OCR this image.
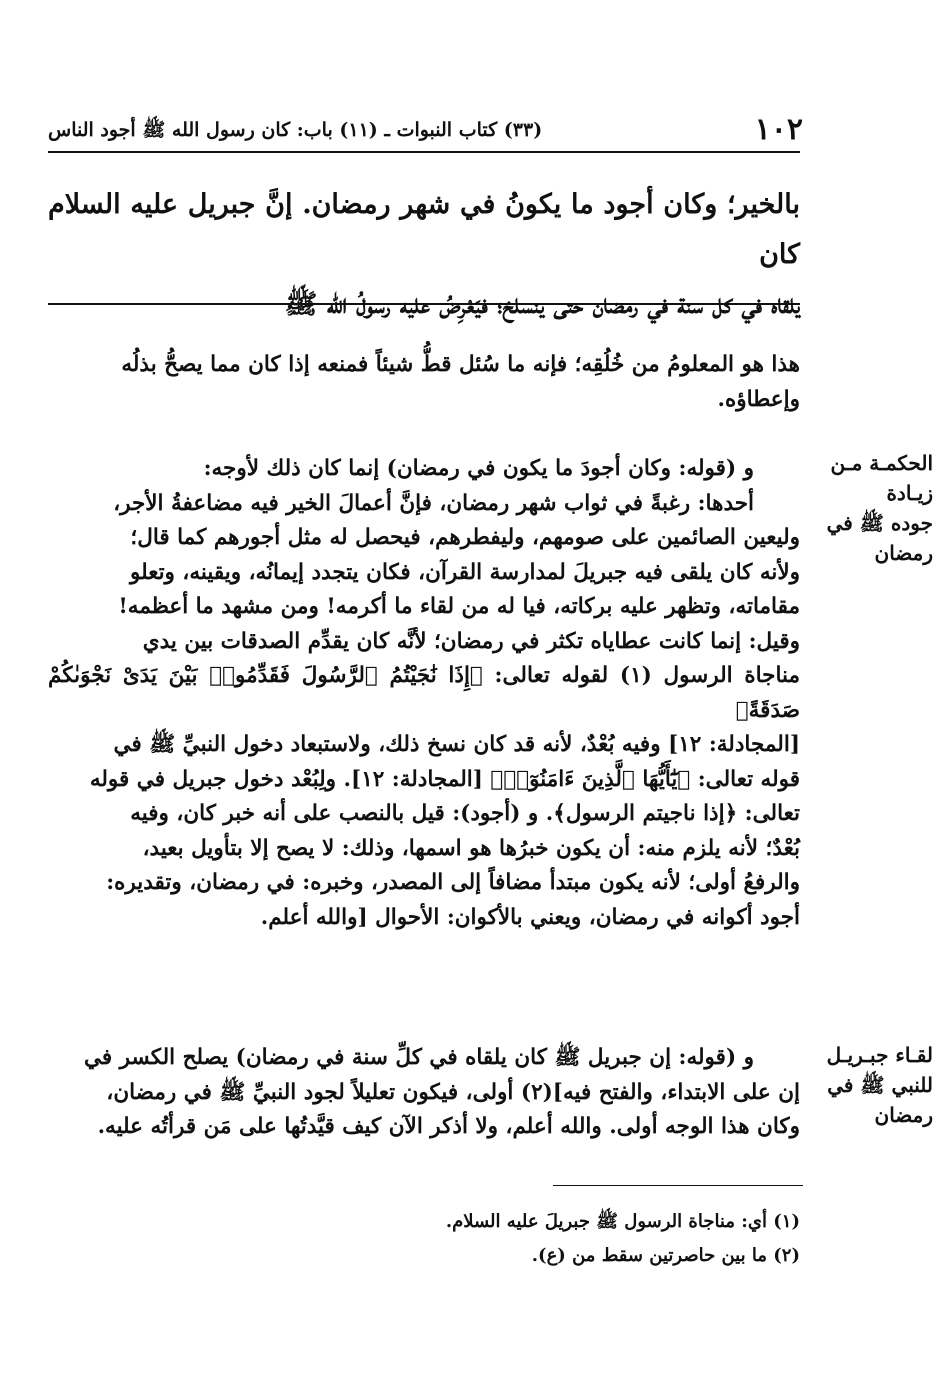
١٠٢
(٣٣) كتاب النبوات ـ (١١) باب: كان رسول الله ﷺ أجود الناس

بالخير؛ وكان أجود ما يكونُ في شهر رمضان. إنَّ جبريل عليه السلام كان

يلقاه في كل سنة في رمضان حتى ينسلخ؛ فيَعْرِضُ عليه رسولُ الله ﷺ

هذا هو المعلومُ من خُلُقِه؛ فإنه ما سُئل قطُّ شيئاً فمنعه إذا كان مما يصحُّ بذلُه

وإعطاؤه.

و (قوله: وكان أجودَ ما يكون في رمضان) إنما كان ذلك لأوجه:

أحدها: رغبةً في ثواب شهر رمضان، فإنَّ أعمالَ الخير فيه مضاعفةُ الأجر،

وليعين الصائمين على صومهم، وليفطرهم، فيحصل له مثل أجورهم كما قال؛

ولأنه كان يلقى فيه جبريلَ لمدارسة القرآن، فكان يتجدد إيمانُه، ويقينه، وتعلو

مقاماته، وتظهر عليه بركاته، فيا له من لقاء ما أكرمه! ومن مشهد ما أعظمه!

وقيل: إنما كانت عطاياه تكثر في رمضان؛ لأنَّه كان يقدِّم الصدقات بين يدي

مناجاة الرسول (١) لقوله تعالى: ﴿إِذَا نَٰجَيْتُمُ ٱلرَّسُولَ فَقَدِّمُوا۟ بَيْنَ يَدَىْ نَجْوَىٰكُمْ صَدَقَةً﴾

[المجادلة: ١٢] وفيه بُعْدٌ، لأنه قد كان نسخ ذلك، ولاستبعاد دخول النبيِّ ﷺ في

قوله تعالى: ﴿يَٰٓأَيُّهَا ٱلَّذِينَ ءَامَنُوٓا۟﴾ [المجادلة: ١٢]. ولِبُعْد دخول جبريل في قوله

تعالى: ﴿إذا ناجيتم الرسول﴾. و (أجود): قيل بالنصب على أنه خبر كان، وفيه

بُعْدٌ؛ لأنه يلزم منه: أن يكون خبرُها هو اسمها، وذلك: لا يصح إلا بتأويل بعيد،

والرفعُ أولى؛ لأنه يكون مبتدأ مضافاً إلى المصدر، وخبره: في رمضان، وتقديره:

أجود أكوانه في رمضان، ويعني بالأكوان: الأحوال [والله أعلم.

و (قوله: إن جبريل ﷺ كان يلقاه في كلِّ سنة في رمضان) يصلح الكسر في

إن على الابتداء، والفتح فيه](٢) أولى، فيكون تعليلاً لجود النبيِّ ﷺ في رمضان،

وكان هذا الوجه أولى. والله أعلم، ولا أذكر الآن كيف قيَّدتُها على مَن قرأتُه عليه.

الحكمـة مـن
زيـادة
جوده ﷺ في
رمضان
لقـاء جبـريـل
للنبي ﷺ في
رمضان
(١) أي: مناجاة الرسول ﷺ جبريلَ عليه السلام.
(٢) ما بين حاصرتين سقط من (ع).
